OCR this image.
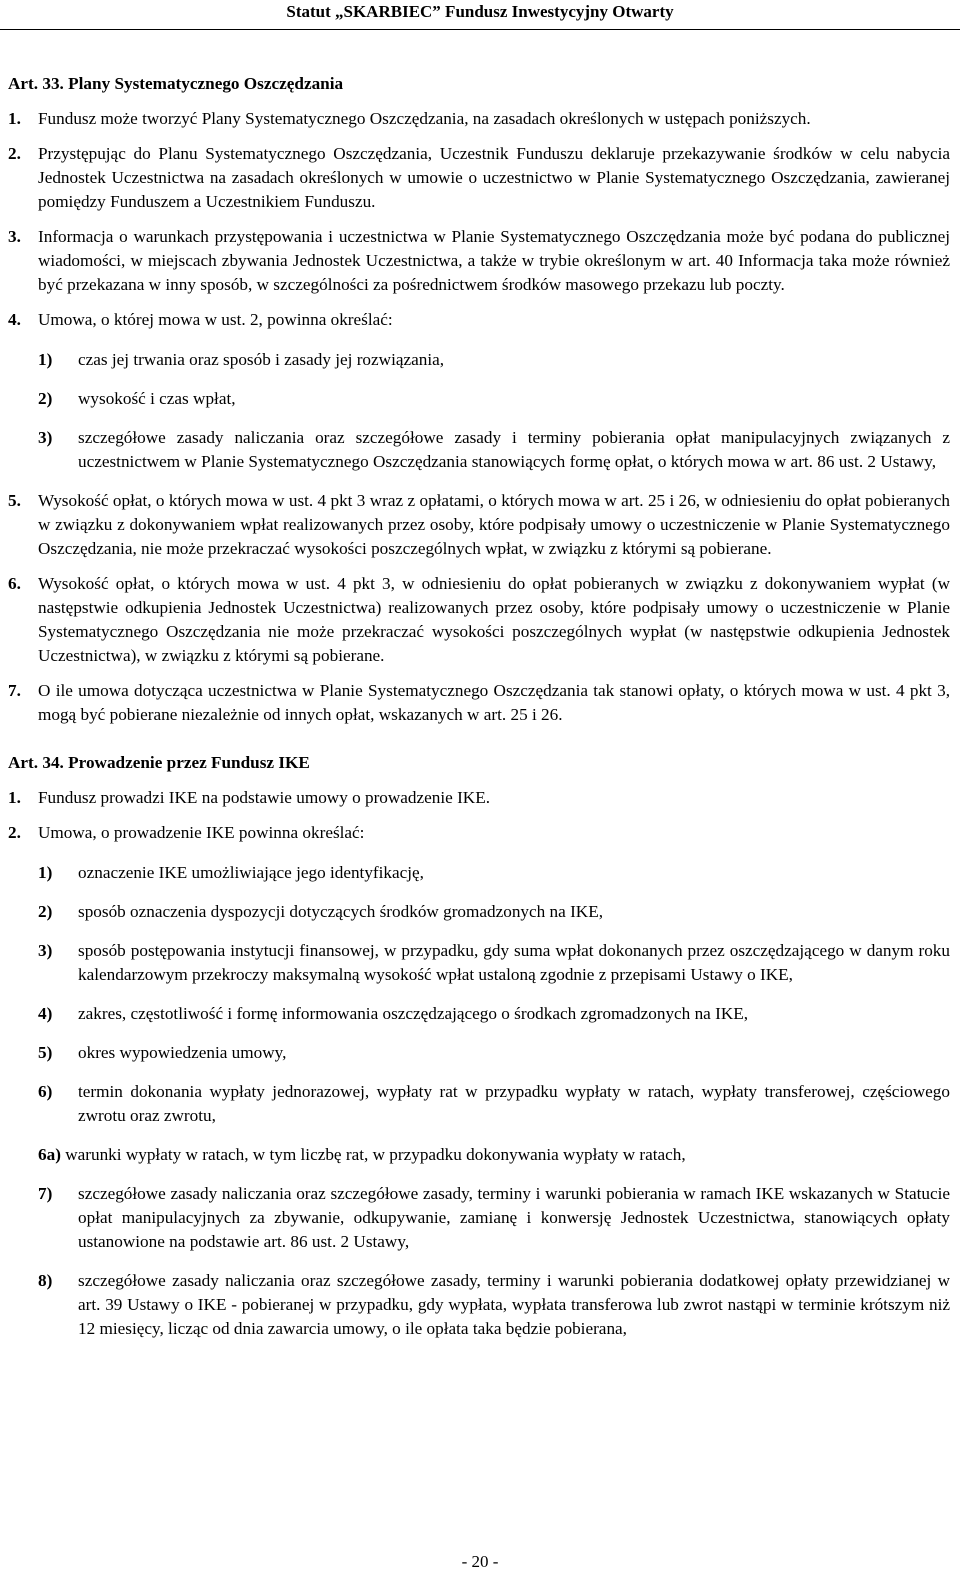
Statut „SKARBIEC” Fundusz Inwestycyjny Otwarty
Art. 33. Plany Systematycznego Oszczędzania
1. Fundusz może tworzyć Plany Systematycznego Oszczędzania, na zasadach określonych w ustępach poniższych.
2. Przystępując do Planu Systematycznego Oszczędzania, Uczestnik Funduszu deklaruje przekazywanie środków w celu nabycia Jednostek Uczestnictwa na zasadach określonych w umowie o uczestnictwo w Planie Systematycznego Oszczędzania, zawieranej pomiędzy Funduszem a Uczestnikiem Funduszu.
3. Informacja o warunkach przystępowania i uczestnictwa w Planie Systematycznego Oszczędzania może być podana do publicznej wiadomości, w miejscach zbywania Jednostek Uczestnictwa, a także w trybie określonym w art. 40 Informacja taka może również być przekazana w inny sposób, w szczególności za pośrednictwem środków masowego przekazu lub poczty.
4. Umowa, o której mowa w ust. 2, powinna określać:
1) czas jej trwania oraz sposób i zasady jej rozwiązania,
2) wysokość i czas wpłat,
3) szczegółowe zasady naliczania oraz szczegółowe zasady i terminy pobierania opłat manipulacyjnych związanych z uczestnictwem w Planie Systematycznego Oszczędzania stanowiących formę opłat, o których mowa w art. 86 ust. 2 Ustawy,
5. Wysokość opłat, o których mowa w ust. 4 pkt 3 wraz z opłatami, o których mowa w art. 25 i 26, w odniesieniu do opłat pobieranych w związku z dokonywaniem wpłat realizowanych przez osoby, które podpisały umowy o uczestniczenie w Planie Systematycznego Oszczędzania, nie może przekraczać wysokości poszczególnych wpłat, w związku z którymi są pobierane.
6. Wysokość opłat, o których mowa w ust. 4 pkt 3, w odniesieniu do opłat pobieranych w związku z dokonywaniem wypłat (w następstwie odkupienia Jednostek Uczestnictwa) realizowanych przez osoby, które podpisały umowy o uczestniczenie w Planie Systematycznego Oszczędzania nie może przekraczać wysokości poszczególnych wypłat (w następstwie odkupienia Jednostek Uczestnictwa), w związku z którymi są pobierane.
7. O ile umowa dotycząca uczestnictwa w Planie Systematycznego Oszczędzania tak stanowi opłaty, o których mowa w ust. 4 pkt 3, mogą być pobierane niezależnie od innych opłat, wskazanych w art. 25 i 26.
Art. 34. Prowadzenie przez Fundusz IKE
1. Fundusz prowadzi IKE na podstawie umowy o prowadzenie IKE.
2. Umowa, o prowadzenie IKE powinna określać:
1) oznaczenie IKE umożliwiające jego identyfikację,
2) sposób oznaczenia dyspozycji dotyczących środków gromadzonych na IKE,
3) sposób postępowania instytucji finansowej, w przypadku, gdy suma wpłat dokonanych przez oszczędzającego w danym roku kalendarzowym przekroczy maksymalną wysokość wpłat ustaloną zgodnie z przepisami Ustawy o IKE,
4) zakres, częstotliwość i formę informowania oszczędzającego o środkach zgromadzonych na IKE,
5) okres wypowiedzenia umowy,
6) termin dokonania wypłaty jednorazowej, wypłaty rat w przypadku wypłaty w ratach, wypłaty transferowej, częściowego zwrotu oraz zwrotu,
6a) warunki wypłaty w ratach, w tym liczbę rat, w przypadku dokonywania wypłaty w ratach,
7) szczegółowe zasady naliczania oraz szczegółowe zasady, terminy i warunki pobierania w ramach IKE wskazanych w Statucie opłat manipulacyjnych za zbywanie, odkupywanie, zamianę i konwersję Jednostek Uczestnictwa, stanowiących opłaty ustanowione na podstawie art. 86 ust. 2 Ustawy,
8) szczegółowe zasady naliczania oraz szczegółowe zasady, terminy i warunki pobierania dodatkowej opłaty przewidzianej w art. 39 Ustawy o IKE - pobieranej w przypadku, gdy wypłata, wypłata transferowa lub zwrot nastąpi w terminie krótszym niż 12 miesięcy, licząc od dnia zawarcia umowy, o ile opłata taka będzie pobierana,
- 20 -
